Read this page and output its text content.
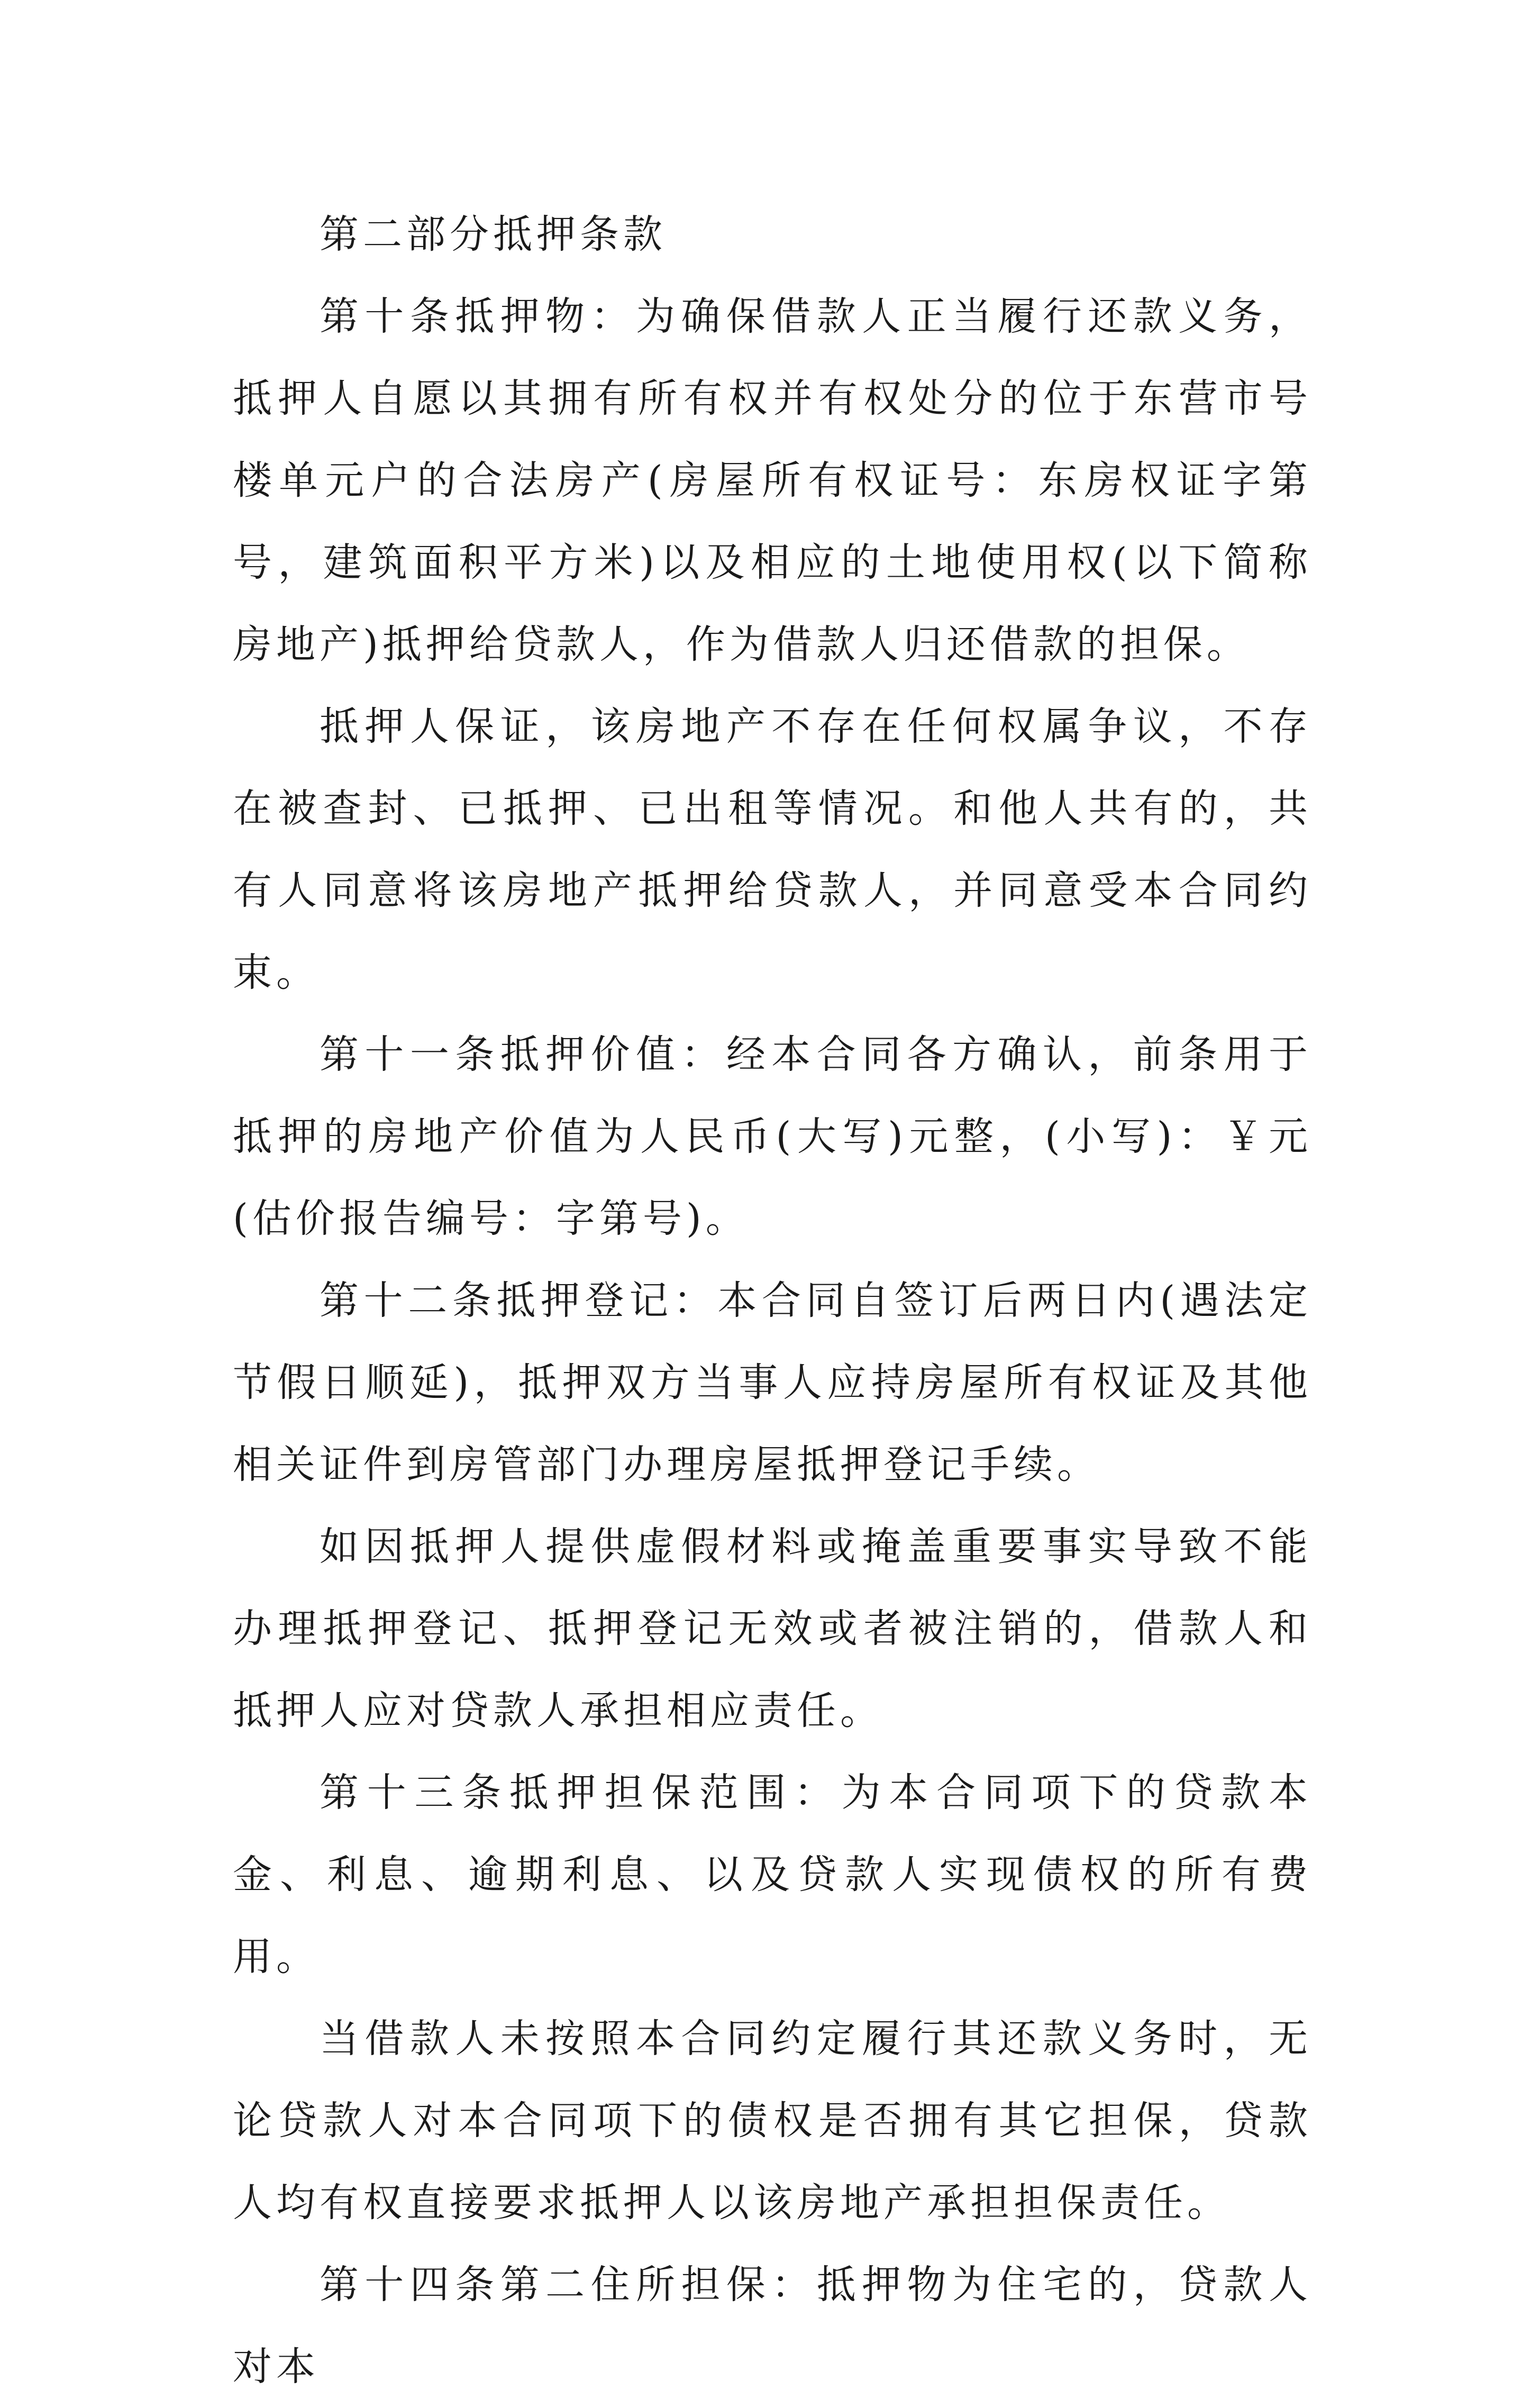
第二部分抵押条款

第十条抵押物：为确保借款人正当履行还款义务，抵押人自愿以其拥有所有权并有权处分的位于东营市号楼单元户的合法房产(房屋所有权证号：东房权证字第号，建筑面积平方米)以及相应的土地使用权(以下简称房地产)抵押给贷款人，作为借款人归还借款的担保。

抵押人保证，该房地产不存在任何权属争议，不存在被查封、已抵押、已出租等情况。和他人共有的，共有人同意将该房地产抵押给贷款人，并同意受本合同约束。

第十一条抵押价值：经本合同各方确认，前条用于抵押的房地产价值为人民币(大写)元整，(小写)：￥元(估价报告编号：字第号)。

第十二条抵押登记：本合同自签订后两日内(遇法定节假日顺延)，抵押双方当事人应持房屋所有权证及其他相关证件到房管部门办理房屋抵押登记手续。

如因抵押人提供虚假材料或掩盖重要事实导致不能办理抵押登记、抵押登记无效或者被注销的，借款人和抵押人应对贷款人承担相应责任。

第十三条抵押担保范围：为本合同项下的贷款本金、利息、逾期利息、以及贷款人实现债权的所有费用。

当借款人未按照本合同约定履行其还款义务时，无论贷款人对本合同项下的债权是否拥有其它担保，贷款人均有权直接要求抵押人以该房地产承担担保责任。

第十四条第二住所担保：抵押物为住宅的，贷款人对本
